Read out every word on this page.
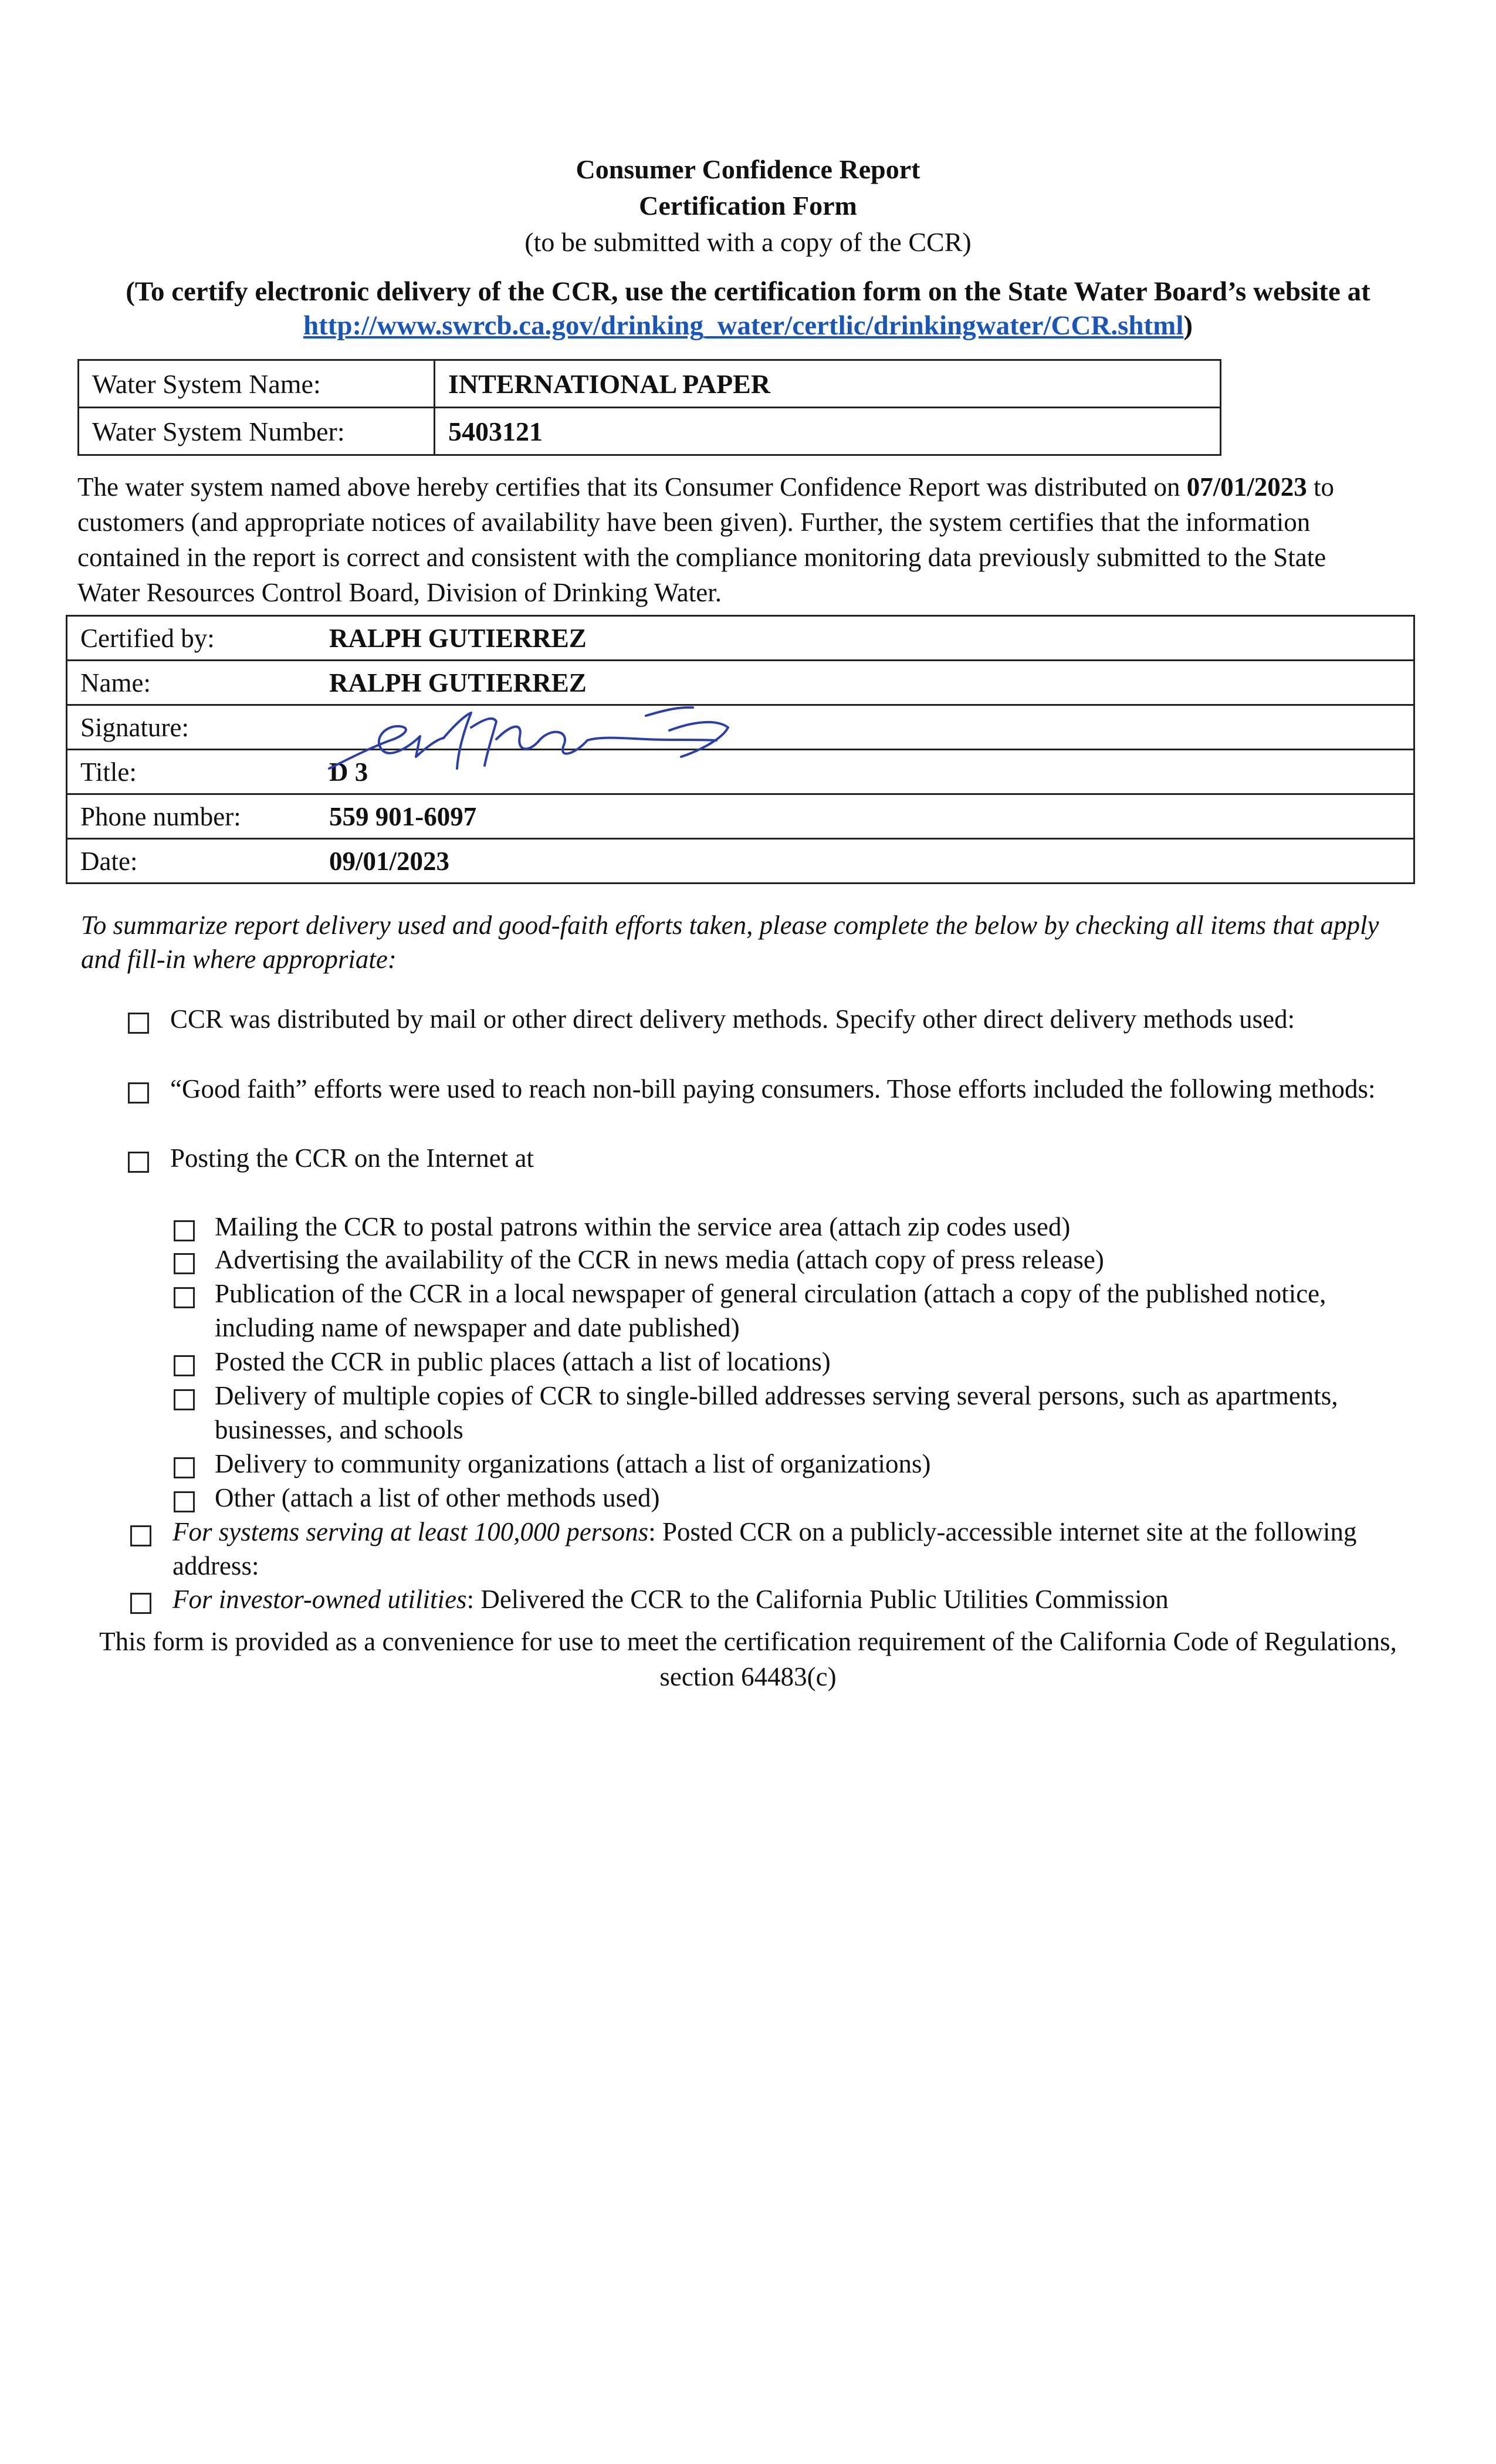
Consumer Confidence Report
Certification Form
(to be submitted with a copy of the CCR)
(To certify electronic delivery of the CCR, use the certification form on the State Water Board’s website at http://www.swrcb.ca.gov/drinking_water/certlic/drinkingwater/CCR.shtml)
Water System Name:	INTERNATIONAL PAPER
Water System Number:	5403121
The water system named above hereby certifies that its Consumer Confidence Report was distributed on 07/01/2023 to customers (and appropriate notices of availability have been given). Further, the system certifies that the information contained in the report is correct and consistent with the compliance monitoring data previously submitted to the State Water Resources Control Board, Division of Drinking Water.
Certified by:	RALPH GUTIERREZ
Name:	RALPH GUTIERREZ
Signature:	

Title:	D 3
Phone number:	559 901-6097
Date:	09/01/2023
To summarize report delivery used and good-faith efforts taken, please complete the below by checking all items that apply and fill-in where appropriate:
CCR was distributed by mail or other direct delivery methods. Specify other direct delivery methods used:
“Good faith” efforts were used to reach non-bill paying consumers. Those efforts included the following methods:
Posting the CCR on the Internet at
Mailing the CCR to postal patrons within the service area (attach zip codes used)
Advertising the availability of the CCR in news media (attach copy of press release)
Publication of the CCR in a local newspaper of general circulation (attach a copy of the published notice, including name of newspaper and date published)
Posted the CCR in public places (attach a list of locations)
Delivery of multiple copies of CCR to single-billed addresses serving several persons, such as apartments, businesses, and schools
Delivery to community organizations (attach a list of organizations)
Other (attach a list of other methods used)
For systems serving at least 100,000 persons: Posted CCR on a publicly-accessible internet site at the following address:
For investor-owned utilities: Delivered the CCR to the California Public Utilities Commission
This form is provided as a convenience for use to meet the certification requirement of the California Code of Regulations, section 64483(c)
